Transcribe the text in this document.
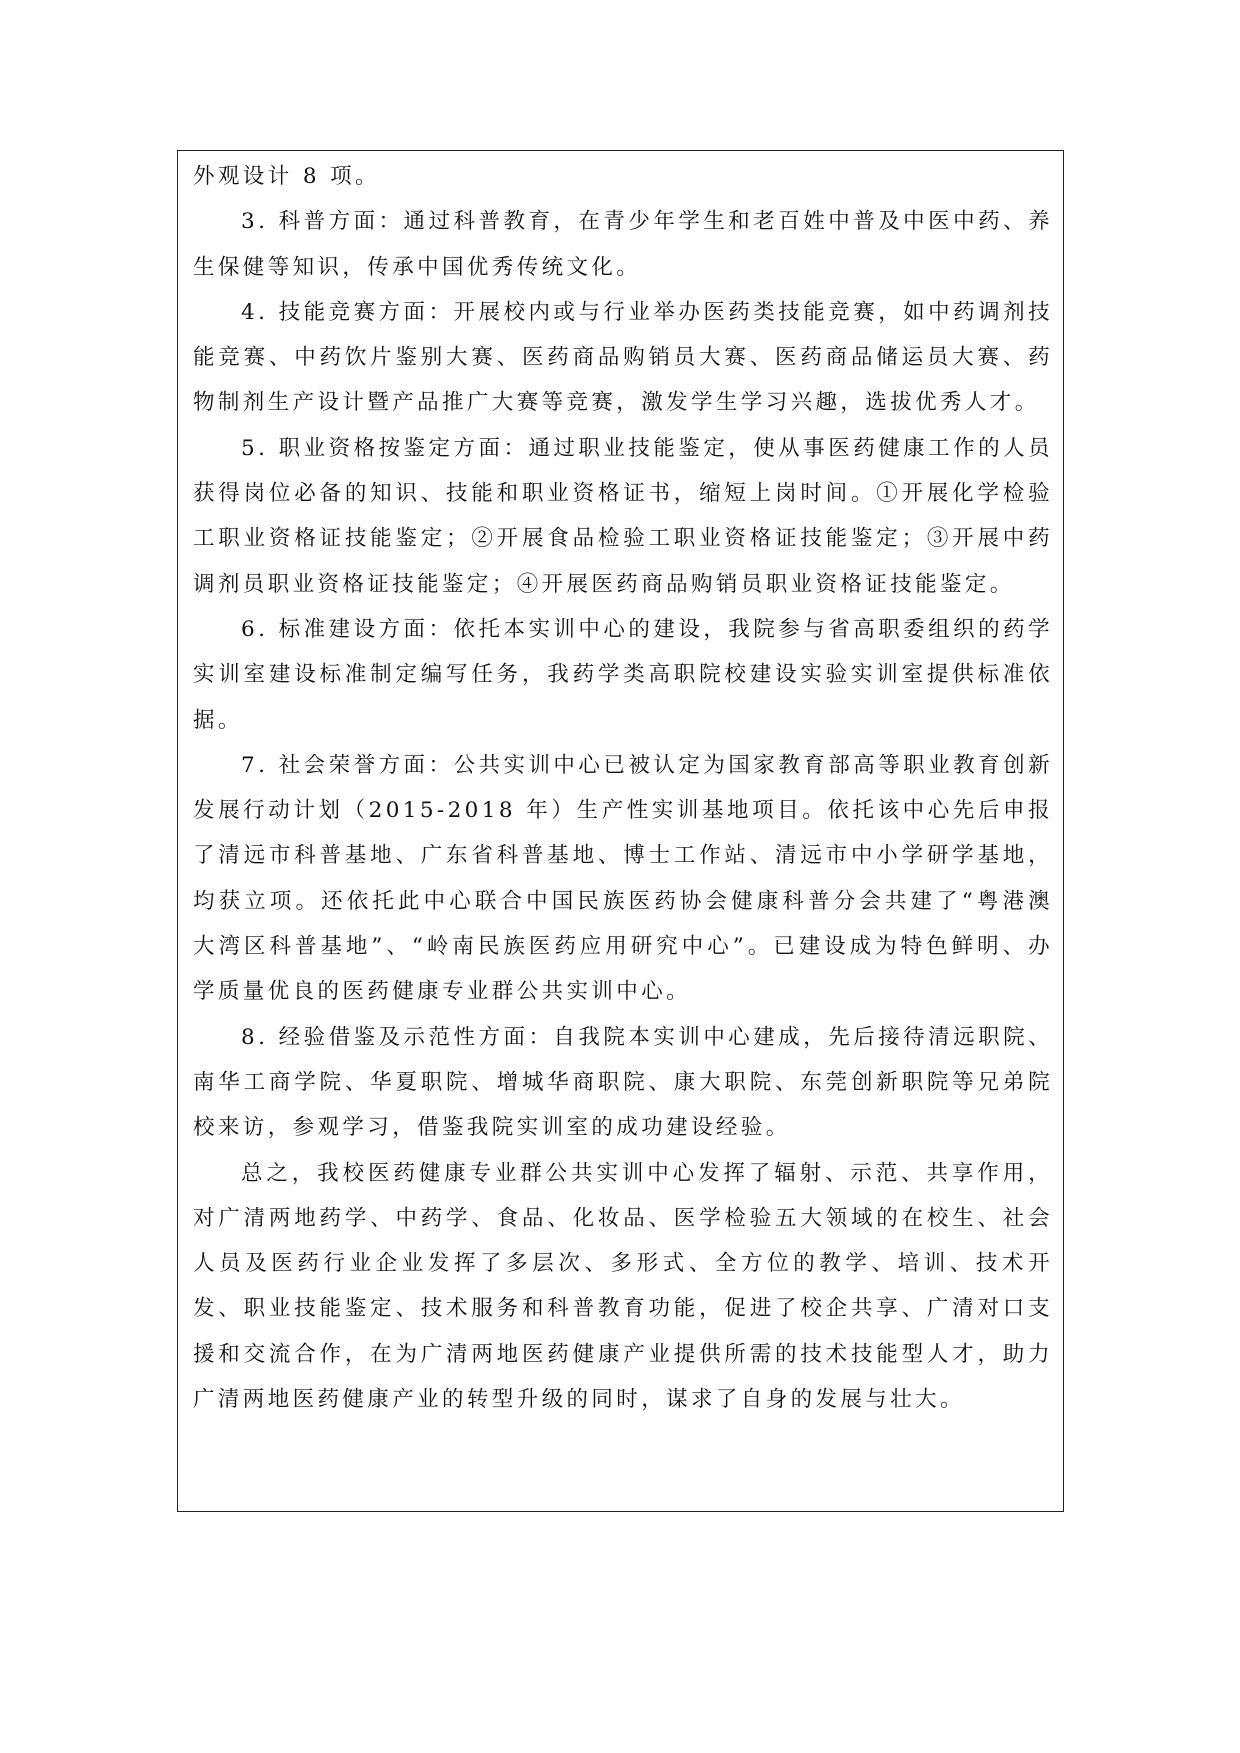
外观设计 8 项。

3. 科普方面：通过科普教育，在青少年学生和老百姓中普及中医中药、养生保健等知识，传承中国优秀传统文化。

4. 技能竞赛方面：开展校内或与行业举办医药类技能竞赛，如中药调剂技能竞赛、中药饮片鉴别大赛、医药商品购销员大赛、医药商品储运员大赛、药物制剂生产设计暨产品推广大赛等竞赛，激发学生学习兴趣，选拔优秀人才。

5. 职业资格按鉴定方面：通过职业技能鉴定，使从事医药健康工作的人员获得岗位必备的知识、技能和职业资格证书，缩短上岗时间。①开展化学检验工职业资格证技能鉴定；②开展食品检验工职业资格证技能鉴定；③开展中药调剂员职业资格证技能鉴定；④开展医药商品购销员职业资格证技能鉴定。

6. 标准建设方面：依托本实训中心的建设，我院参与省高职委组织的药学实训室建设标准制定编写任务，我药学类高职院校建设实验实训室提供标准依据。

7. 社会荣誉方面：公共实训中心已被认定为国家教育部高等职业教育创新发展行动计划（2015-2018 年）生产性实训基地项目。依托该中心先后申报了清远市科普基地、广东省科普基地、博士工作站、清远市中小学研学基地，均获立项。还依托此中心联合中国民族医药协会健康科普分会共建了“粤港澳大湾区科普基地”、“岭南民族医药应用研究中心”。已建设成为特色鲜明、办学质量优良的医药健康专业群公共实训中心。

8. 经验借鉴及示范性方面：自我院本实训中心建成，先后接待清远职院、南华工商学院、华夏职院、增城华商职院、康大职院、东莞创新职院等兄弟院校来访，参观学习，借鉴我院实训室的成功建设经验。

总之，我校医药健康专业群公共实训中心发挥了辐射、示范、共享作用，对广清两地药学、中药学、食品、化妆品、医学检验五大领域的在校生、社会人员及医药行业企业发挥了多层次、多形式、全方位的教学、培训、技术开发、职业技能鉴定、技术服务和科普教育功能，促进了校企共享、广清对口支援和交流合作，在为广清两地医药健康产业提供所需的技术技能型人才，助力广清两地医药健康产业的转型升级的同时，谋求了自身的发展与壮大。
